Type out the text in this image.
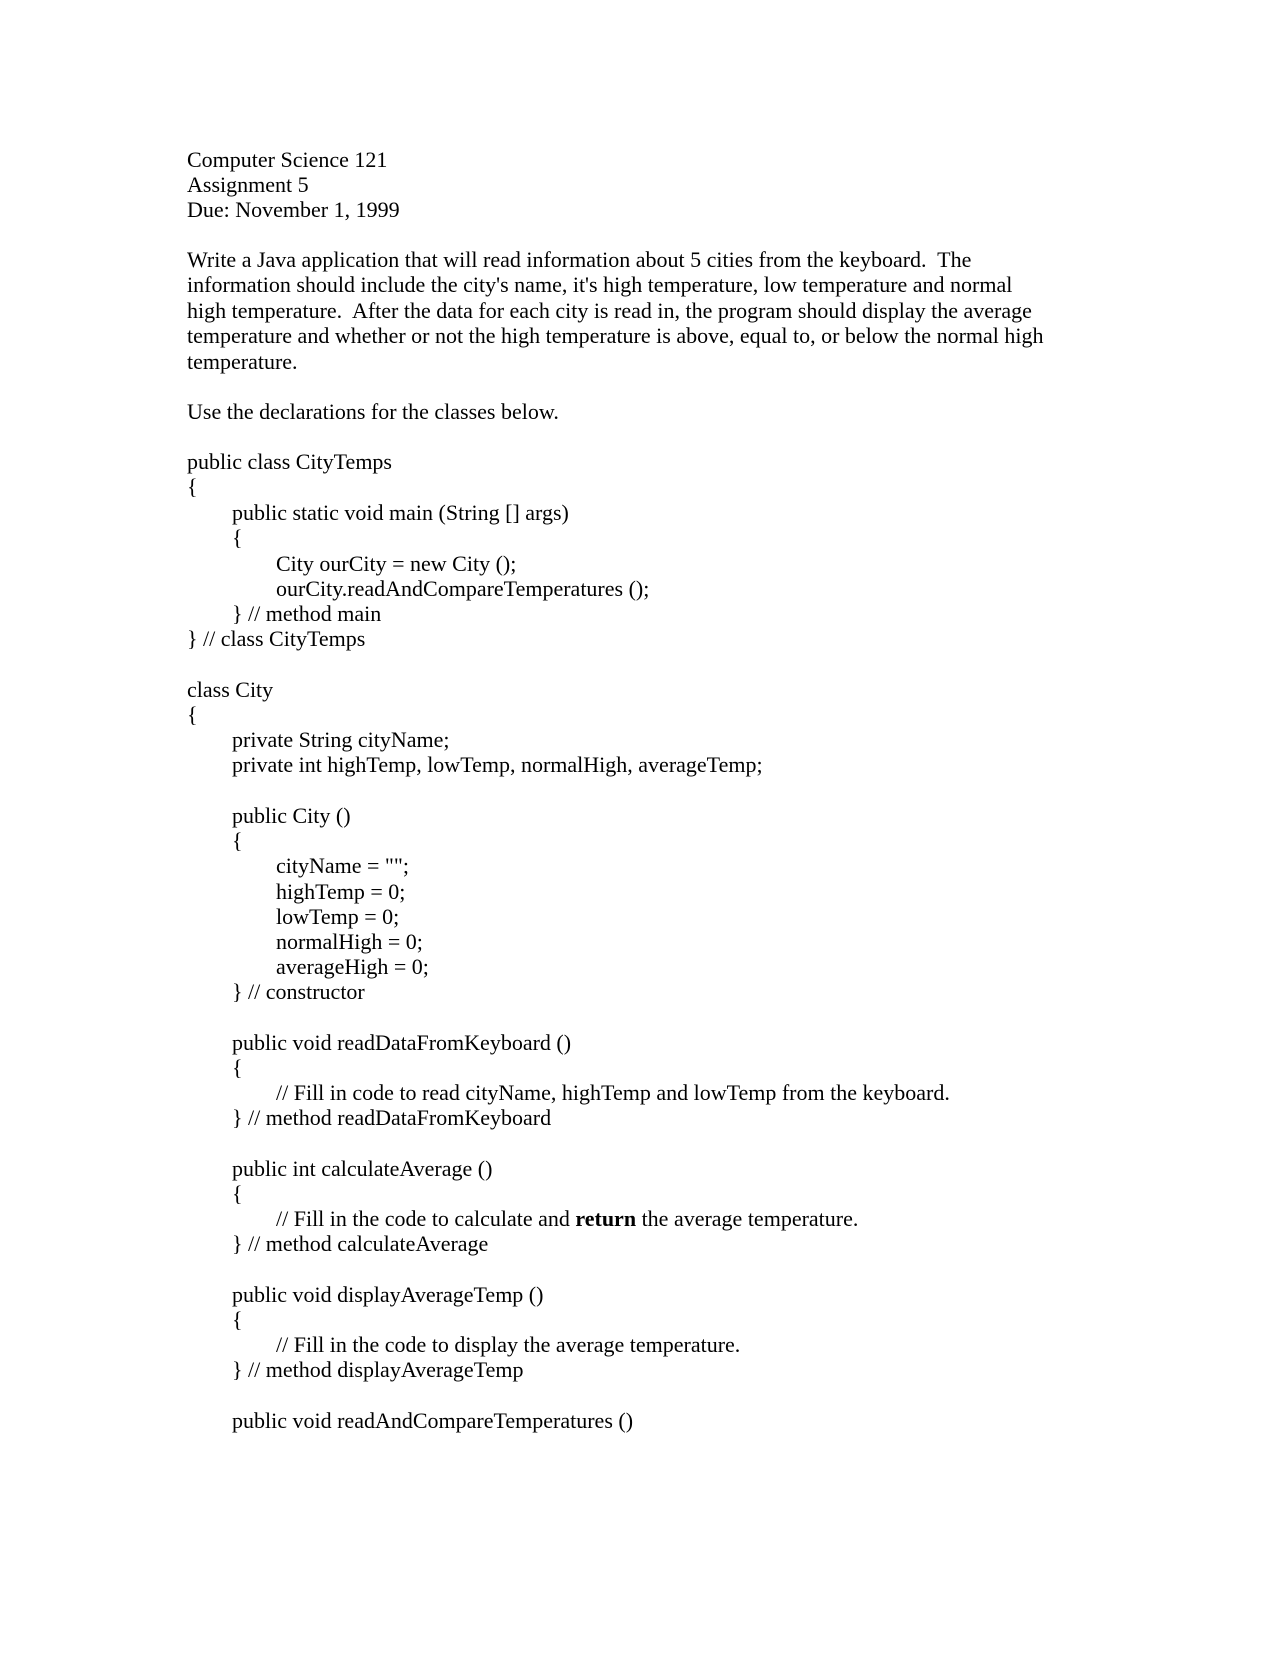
Computer Science 121
Assignment 5
Due: November 1, 1999
Write a Java application that will read information about 5 cities from the keyboard.  The
information should include the city's name, it's high temperature, low temperature and normal
high temperature.  After the data for each city is read in, the program should display the average
temperature and whether or not the high temperature is above, equal to, or below the normal high
temperature.
Use the declarations for the classes below.
public class CityTemps
{
public static void main (String [] args)
{
City ourCity = new City ();
ourCity.readAndCompareTemperatures ();
} // method main
} // class CityTemps
class City
{
private String cityName;
private int highTemp, lowTemp, normalHigh, averageTemp;
public City ()
{
cityName = "";
highTemp = 0;
lowTemp = 0;
normalHigh = 0;
averageHigh = 0;
} // constructor
public void readDataFromKeyboard ()
{
// Fill in code to read cityName, highTemp and lowTemp from the keyboard.
} // method readDataFromKeyboard
public int calculateAverage ()
{
// Fill in the code to calculate and return the average temperature.
} // method calculateAverage
public void displayAverageTemp ()
{
// Fill in the code to display the average temperature.
} // method displayAverageTemp
public void readAndCompareTemperatures ()
